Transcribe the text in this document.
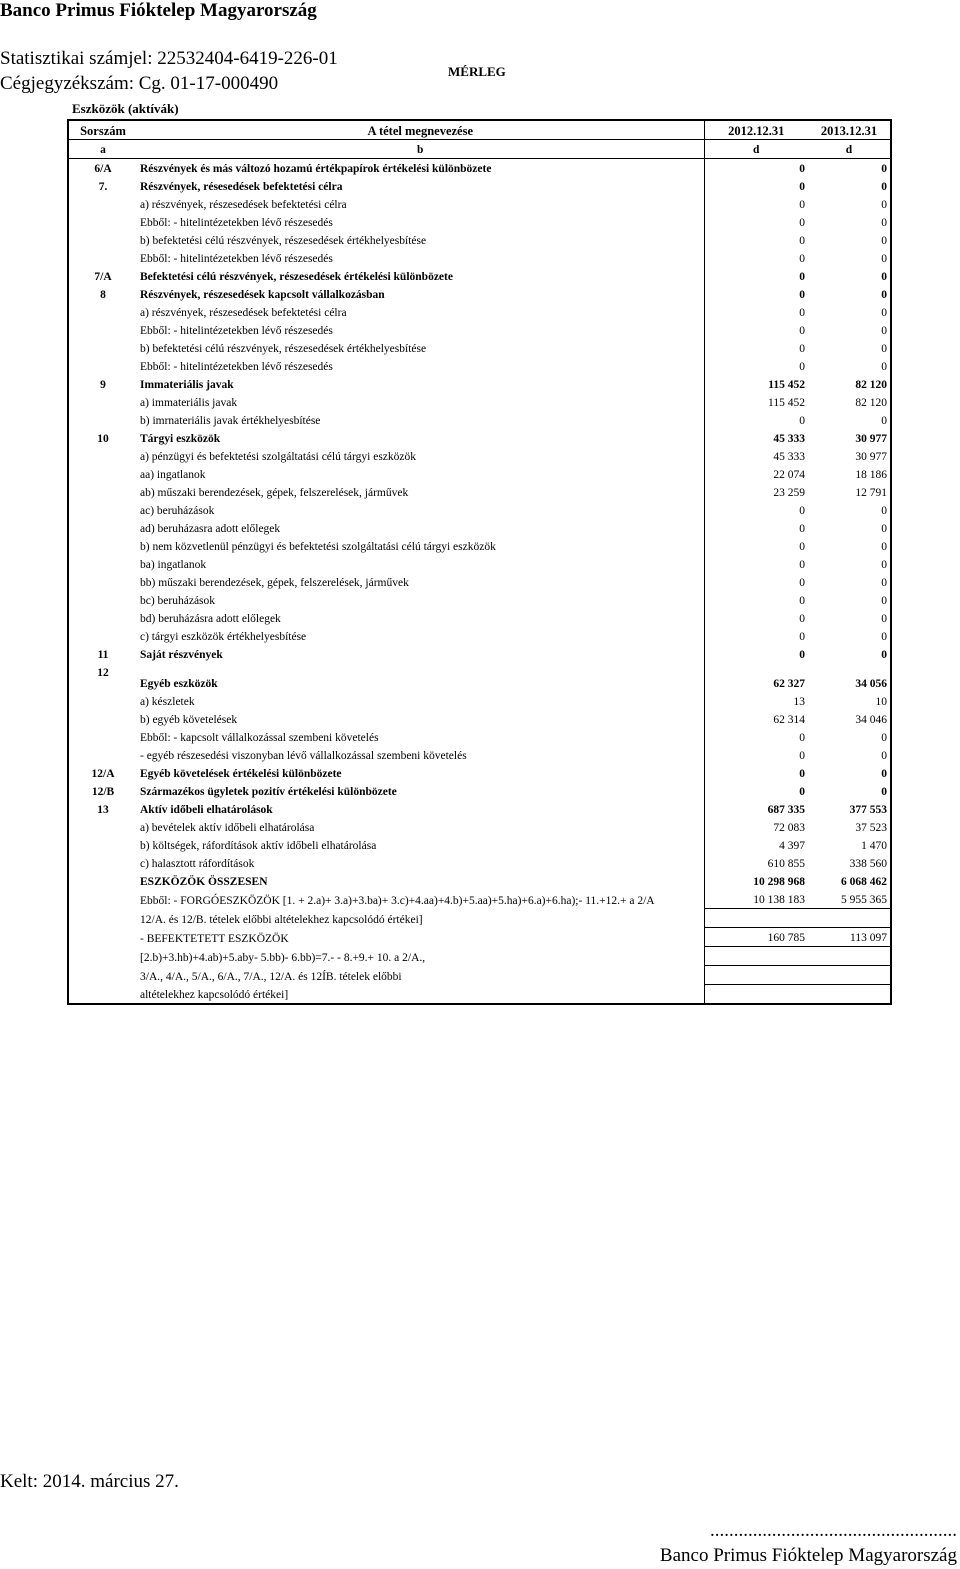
Banco Primus Fióktelep Magyarország
Statisztikai számjel: 22532404-6419-226-01
Cégjegyzékszám: Cg. 01-17-000490
MÉRLEG
Eszközök (aktívák)
Sorszám	A tétel megnevezése	2012.12.31	2013.12.31
a	b	d	d
6/A	Részvények és más változó hozamú értékpapírok értékelési különbözete	0	0
7.	Részvények, résesedések befektetési célra	0	0
	a) részvények, részesedések befektetési célra	0	0
	Ebből: - hitelintézetekben lévő részesedés	0	0
	b) befektetési célú részvények, részesedések értékhelyesbítése	0	0
	Ebből: - hitelintézetekben lévő részesedés	0	0
7/A	Befektetési célú részvények, részesedések értékelési különbözete	0	0
8	Részvények, részesedések kapcsolt vállalkozásban	0	0
	a) részvények, részesedések befektetési célra	0	0
	Ebből: - hitelintézetekben lévő részesedés	0	0
	b) befektetési célú részvények, részesedések értékhelyesbítése	0	0
	Ebből: - hitelintézetekben lévő részesedés	0	0
9	Immateriális javak	115 452	82 120
	a) immateriális javak	115 452	82 120
	b) imrnateriális javak értékhelyesbítése	0	0
10	Tárgyi eszközök	45 333	30 977
	a) pénzügyi és befektetési szolgáltatási célú tárgyi eszközök	45 333	30 977
	aa) ingatlanok	22 074	18 186
	ab) műszaki berendezések, gépek, felszerelések, járművek	23 259	12 791
	ac) beruházások	0	0
	ad) beruházasra adott előlegek	0	0
	b) nem közvetlenül pénzügyi és befektetési szolgáltatási célú tárgyi eszközök	0	0
	ba) ingatlanok	0	0
	bb) műszaki berendezések, gépek, felszerelések, járművek	0	0
	bc) beruházások	0	0
	bd) beruházásra adott előlegek	0	0
	c) tárgyi eszközök értékhelyesbítése	0	0
11	Saját részvények	0	0
12	Egyéb eszközök	62 327	34 056
	a) készletek	13	10
	b) egyéb követelések	62 314	34 046
	Ebből: - kapcsolt vállalkozással szembeni követelés	0	0
	- egyéb részesedési viszonyban lévő vállalkozással szembeni követelés	0	0
12/A	Egyéb követelések értékelési különbözete	0	0
12/B	Származékos ügyletek pozitív értékelési különbözete	0	0
13	Aktív időbeli elhatárolások	687 335	377 553
	a) bevételek aktív időbeli elhatárolása	72 083	37 523
	b) költségek, ráfordítások aktív időbeli elhatárolása	4 397	1 470
	c) halasztott ráfordítások	610 855	338 560
	ESZKÖZÖK ÖSSZESEN	10 298 968	6 068 462
	Ebből: - FORGÓESZKÖZÖK [1. + 2.a)+ 3.a)+3.ba)+ 3.c)+4.aa)+4.b)+5.aa)+5.ha)+6.a)+6.ha);- 11.+12.+ a 2/A	10 138 183	5 955 365
	12/A. és 12/B. tételek előbbi altételekhez kapcsolódó értékei]		
	- BEFEKTETETT ESZKÖZÖK	160 785	113 097
	[2.b)+3.hb)+4.ab)+5.aby- 5.bb)- 6.bb)=7.- - 8.+9.+ 10. a 2/A.,		
	3/A., 4/A., 5/A., 6/A., 7/A., 12/A. és 12ÍB. tételek előbbi		
	altételekhez kapcsolódó értékei]		
Kelt: 2014. március 27.
....................................................
Banco Primus Fióktelep Magyarország
